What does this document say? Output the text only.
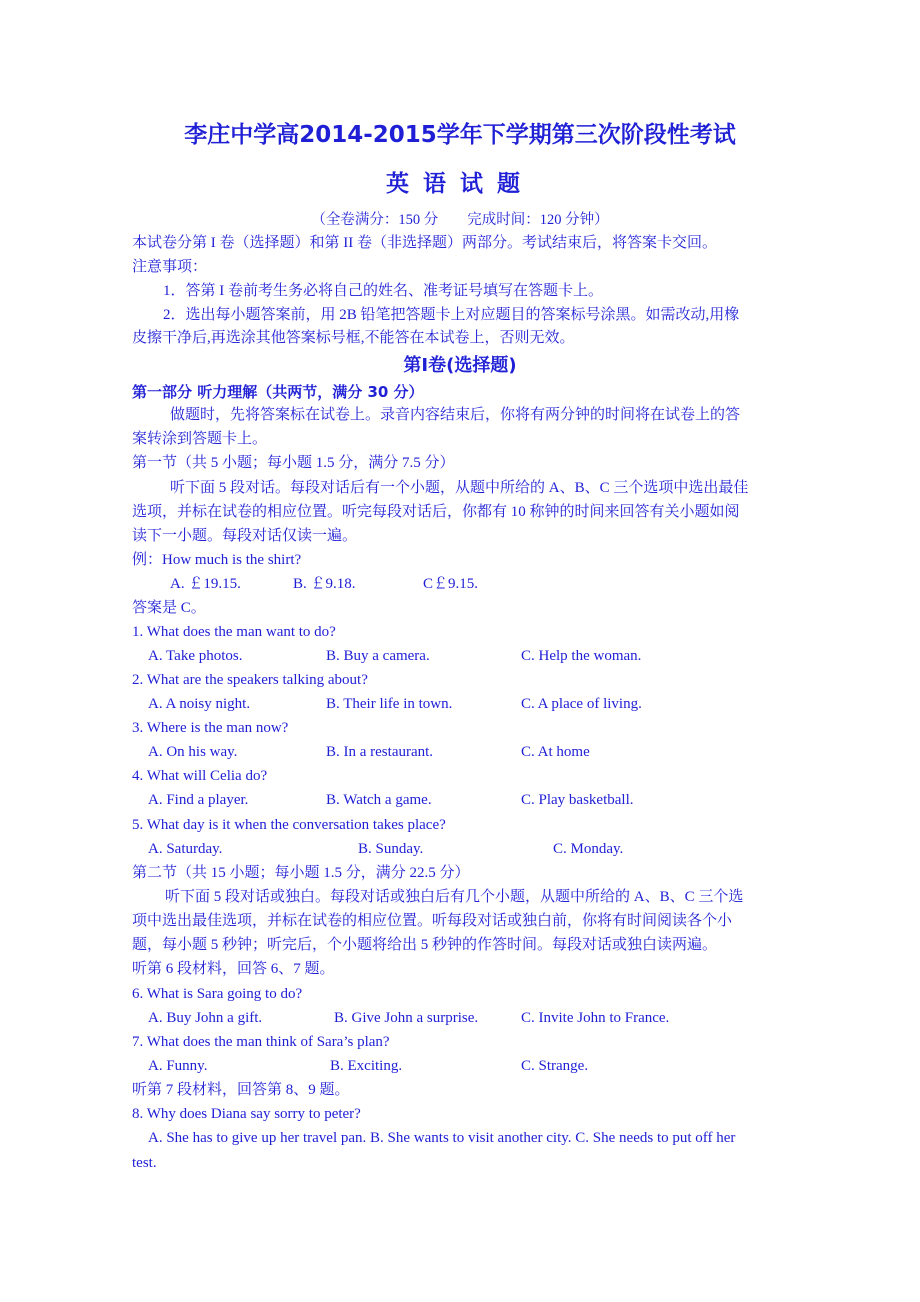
李庄中学高2014-2015学年下学期第三次阶段性考试
英语试题
（全卷满分：150 分　　完成时间：120 分钟）
本试卷分第 I 卷（选择题）和第 II 卷（非选择题）两部分。考试结束后，将答案卡交回。
注意事项：
1．答第 I 卷前考生务必将自己的姓名、准考证号填写在答题卡上。
2．选出每小题答案前，用 2B 铅笔把答题卡上对应题目的答案标号涂黑。如需改动,用橡
皮擦干净后,再选涂其他答案标号框,不能答在本试卷上，否则无效。
第I卷(选择题)
第一部分 听力理解（共两节，满分 30 分）
做题时，先将答案标在试卷上。录音内容结束后，你将有两分钟的时间将在试卷上的答
案转涂到答题卡上。
第一节（共 5 小题；每小题 1.5 分，满分 7.5 分）
听下面 5 段对话。每段对话后有一个小题，从题中所给的 A、B、C 三个选项中选出最佳
选项，并标在试卷的相应位置。听完每段对话后，你都有 10 称钟的时间来回答有关小题如阅
读下一小题。每段对话仅读一遍。
例：How much is the shirt?
A. ￡19.15.	B. ￡9.18.	C￡9.15.
答案是 C。
1. What does the man want to do?
A. Take photos.	B. Buy a camera.	C. Help the woman.
2. What are the speakers talking about?
A. A noisy night.	B. Their life in town.	C. A place of living.
3. Where is the man now?
A. On his way.	B. In a restaurant.	C. At home
4. What will Celia do?
A. Find a player.	B. Watch a game.	C. Play basketball.
5. What day is it when the conversation takes place?
A. Saturday.	B. Sunday.	C. Monday.
第二节（共 15 小题；每小题 1.5 分，满分 22.5 分）
听下面 5 段对话或独白。每段对话或独白后有几个小题，从题中所给的 A、B、C 三个选
项中选出最佳选项，并标在试卷的相应位置。听每段对话或独白前，你将有时间阅读各个小
题，每小题 5 秒钟；听完后，个小题将给出 5 秒钟的作答时间。每段对话或独白读两遍。
听第 6 段材料，回答 6、7 题。
6. What is Sara going to do?
A. Buy John a gift.	B. Give John a surprise.	C. Invite John to France.
7. What does the man think of Sara’s plan?
A. Funny.	B. Exciting.	C. Strange.
听第 7 段材料，回答第 8、9 题。
8. Why does Diana say sorry to peter?
A. She has to give up her travel pan. B. She wants to visit another city. C. She needs to put off her
test.
